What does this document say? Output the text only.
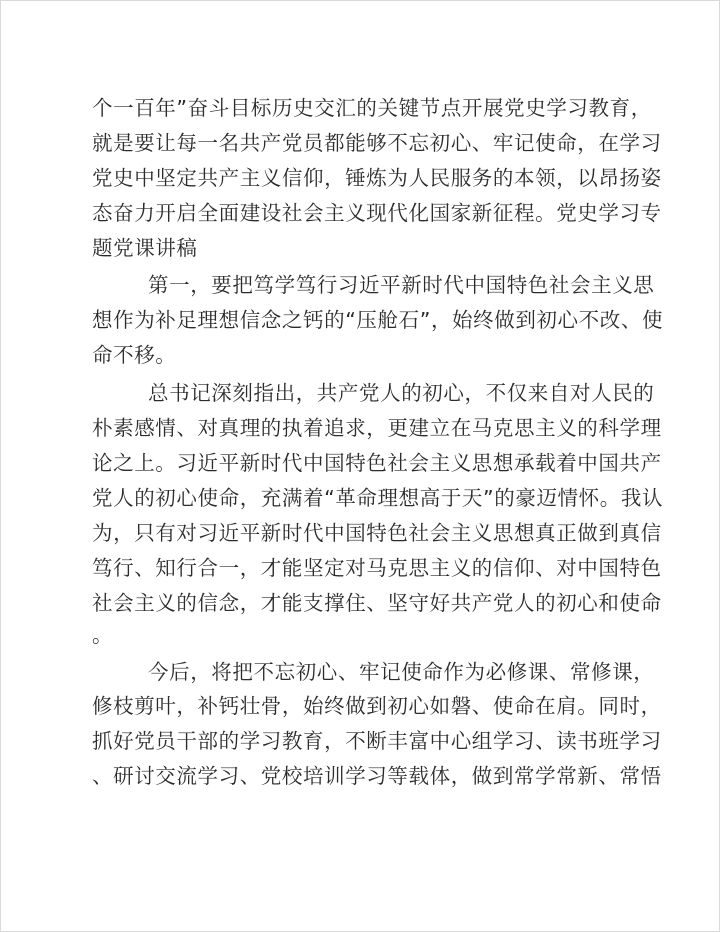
个一百年”奋斗目标历史交汇的关键节点开展党史学习教育，
就是要让每一名共产党员都能够不忘初心、牢记使命，在学习
党史中坚定共产主义信仰，锤炼为人民服务的本领，以昂扬姿
态奋力开启全面建设社会主义现代化国家新征程。党史学习专
题党课讲稿
第一，要把笃学笃行习近平新时代中国特色社会主义思
想作为补足理想信念之钙的“压舱石”，始终做到初心不改、使
命不移。
总书记深刻指出，共产党人的初心，不仅来自对人民的
朴素感情、对真理的执着追求，更建立在马克思主义的科学理
论之上。习近平新时代中国特色社会主义思想承载着中国共产
党人的初心使命，充满着“革命理想高于天”的豪迈情怀。我认
为，只有对习近平新时代中国特色社会主义思想真正做到真信
笃行、知行合一，才能坚定对马克思主义的信仰、对中国特色
社会主义的信念，才能支撑住、坚守好共产党人的初心和使命
。
今后，将把不忘初心、牢记使命作为必修课、常修课，
修枝剪叶，补钙壮骨，始终做到初心如磐、使命在肩。同时，
抓好党员干部的学习教育，不断丰富中心组学习、读书班学习
、研讨交流学习、党校培训学习等载体，做到常学常新、常悟
